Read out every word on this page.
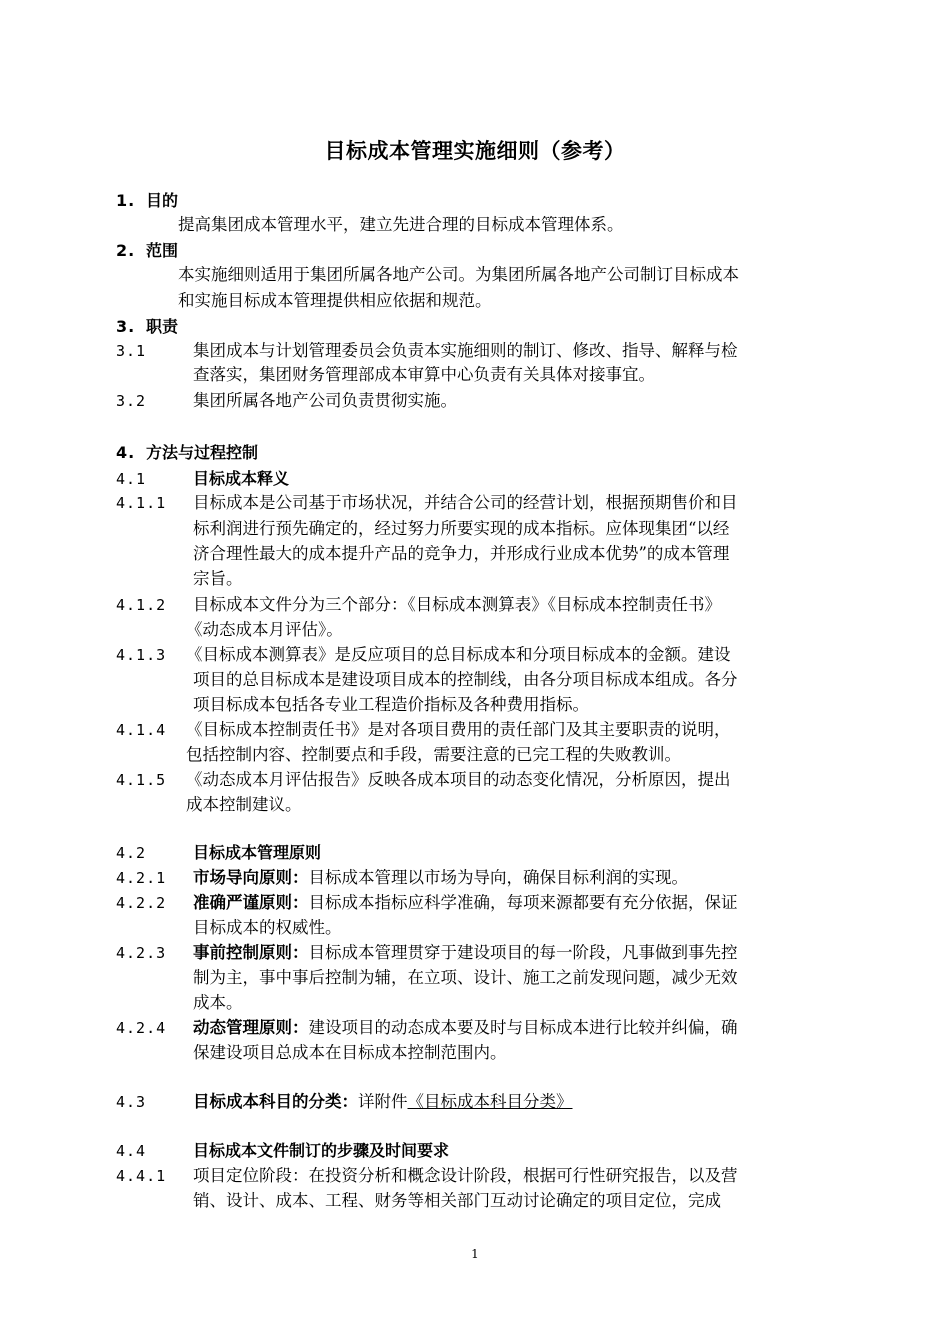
目标成本管理实施细则（参考）
1. 目的
提高集团成本管理水平，建立先进合理的目标成本管理体系。
2. 范围
本实施细则适用于集团所属各地产公司。为集团所属各地产公司制订目标成本
和实施目标成本管理提供相应依据和规范。
3. 职责
3.1	集团成本与计划管理委员会负责本实施细则的制订、修改、指导、解释与检
查落实，集团财务管理部成本审算中心负责有关具体对接事宜。
3.2	集团所属各地产公司负责贯彻实施。
4. 方法与过程控制
4.1	目标成本释义
4.1.1 目标成本是公司基于市场状况，并结合公司的经营计划，根据预期售价和目
标利润进行预先确定的，经过努力所要实现的成本指标。应体现集团“以经
济合理性最大的成本提升产品的竞争力，并形成行业成本优势”的成本管理
宗旨。
4.1.2 目标成本文件分为三个部分：《目标成本测算表》《目标成本控制责任书》
《动态成本月评估》。
4.1.3 《目标成本测算表》是反应项目的总目标成本和分项目标成本的金额。建设
项目的总目标成本是建设项目成本的控制线，由各分项目标成本组成。各分
项目标成本包括各专业工程造价指标及各种费用指标。
4.1.4 《目标成本控制责任书》是对各项目费用的责任部门及其主要职责的说明，
包括控制内容、控制要点和手段，需要注意的已完工程的失败教训。
4.1.5 《动态成本月评估报告》反映各成本项目的动态变化情况，分析原因，提出
成本控制建议。
4.2	目标成本管理原则
4.2.1 市场导向原则：目标成本管理以市场为导向，确保目标利润的实现。
4.2.2 准确严谨原则：目标成本指标应科学准确，每项来源都要有充分依据，保证
目标成本的权威性。
4.2.3 事前控制原则：目标成本管理贯穿于建设项目的每一阶段，凡事做到事先控
制为主，事中事后控制为辅，在立项、设计、施工之前发现问题，减少无效
成本。
4.2.4 动态管理原则：建设项目的动态成本要及时与目标成本进行比较并纠偏，确
保建设项目总成本在目标成本控制范围内。
4.3	目标成本科目的分类：详附件《目标成本科目分类》
4.4	目标成本文件制订的步骤及时间要求
4.4.1 项目定位阶段：在投资分析和概念设计阶段，根据可行性研究报告，以及营
销、设计、成本、工程、财务等相关部门互动讨论确定的项目定位，完成
1
